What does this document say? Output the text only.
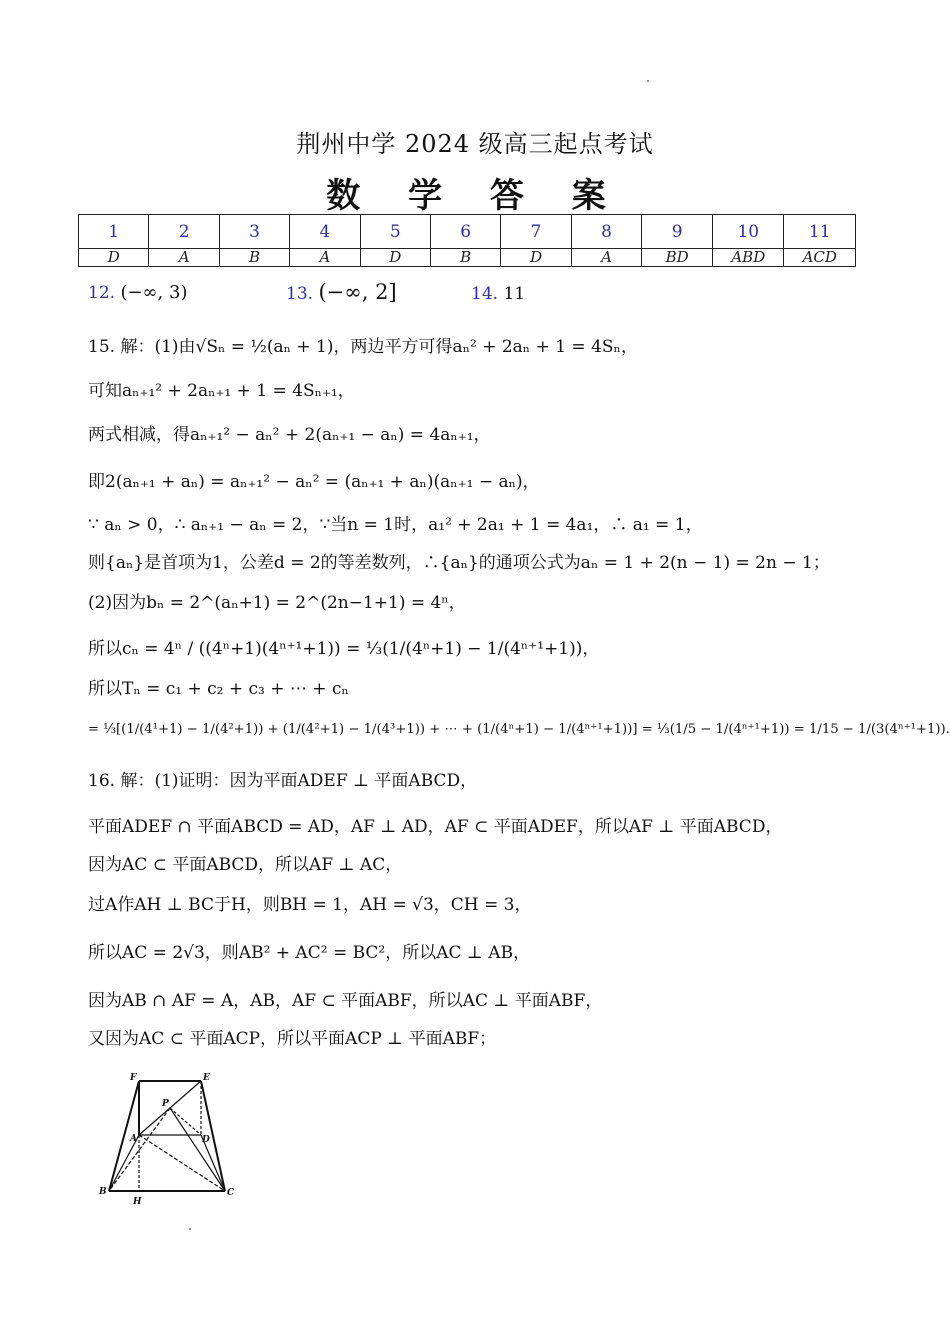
荆州中学 2024 级高三起点考试
数 学 答 案
1	2	3	4	5	6	7	8	9	10	11
D	A	B	A	D	B	D	A	BD	ABD	ACD
12. (−∞, 3)	13. (−∞, 2]	14. 11
15. 解：(1)由√Sₙ = ½(aₙ + 1)，两边平方可得aₙ² + 2aₙ + 1 = 4Sₙ，
可知aₙ₊₁² + 2aₙ₊₁ + 1 = 4Sₙ₊₁，
两式相减，得aₙ₊₁² − aₙ² + 2(aₙ₊₁ − aₙ) = 4aₙ₊₁，
即2(aₙ₊₁ + aₙ) = aₙ₊₁² − aₙ² = (aₙ₊₁ + aₙ)(aₙ₊₁ − aₙ)，
∵ aₙ > 0，∴ aₙ₊₁ − aₙ = 2，∵当n = 1时，a₁² + 2a₁ + 1 = 4a₁，∴ a₁ = 1，
则{aₙ}是首项为1，公差d = 2的等差数列，∴{aₙ}的通项公式为aₙ = 1 + 2(n − 1) = 2n − 1；
(2)因为bₙ = 2^(aₙ+1) = 2^(2n−1+1) = 4ⁿ，
所以cₙ = 4ⁿ / ((4ⁿ+1)(4ⁿ⁺¹+1)) = ⅓(1/(4ⁿ+1) − 1/(4ⁿ⁺¹+1))，
所以Tₙ = c₁ + c₂ + c₃ + ⋯ + cₙ
= ⅓[(1/(4¹+1) − 1/(4²+1)) + (1/(4²+1) − 1/(4³+1)) + ⋯ + (1/(4ⁿ+1) − 1/(4ⁿ⁺¹+1))] = ⅓(1/5 − 1/(4ⁿ⁺¹+1)) = 1/15 − 1/(3(4ⁿ⁺¹+1)).
16. 解：(1)证明：因为平面ADEF ⊥ 平面ABCD，
平面ADEF ∩ 平面ABCD = AD，AF ⊥ AD，AF ⊂ 平面ADEF，所以AF ⊥ 平面ABCD，
因为AC ⊂ 平面ABCD，所以AF ⊥ AC，
过A作AH ⊥ BC于H，则BH = 1，AH = √3，CH = 3，
所以AC = 2√3，则AB² + AC² = BC²，所以AC ⊥ AB，
因为AB ∩ AF = A，AB，AF ⊂ 平面ABF，所以AC ⊥ 平面ABF，
又因为AC ⊂ 平面ACP，所以平面ACP ⊥ 平面ABF；
F	E
P
A	D
B
H
C
